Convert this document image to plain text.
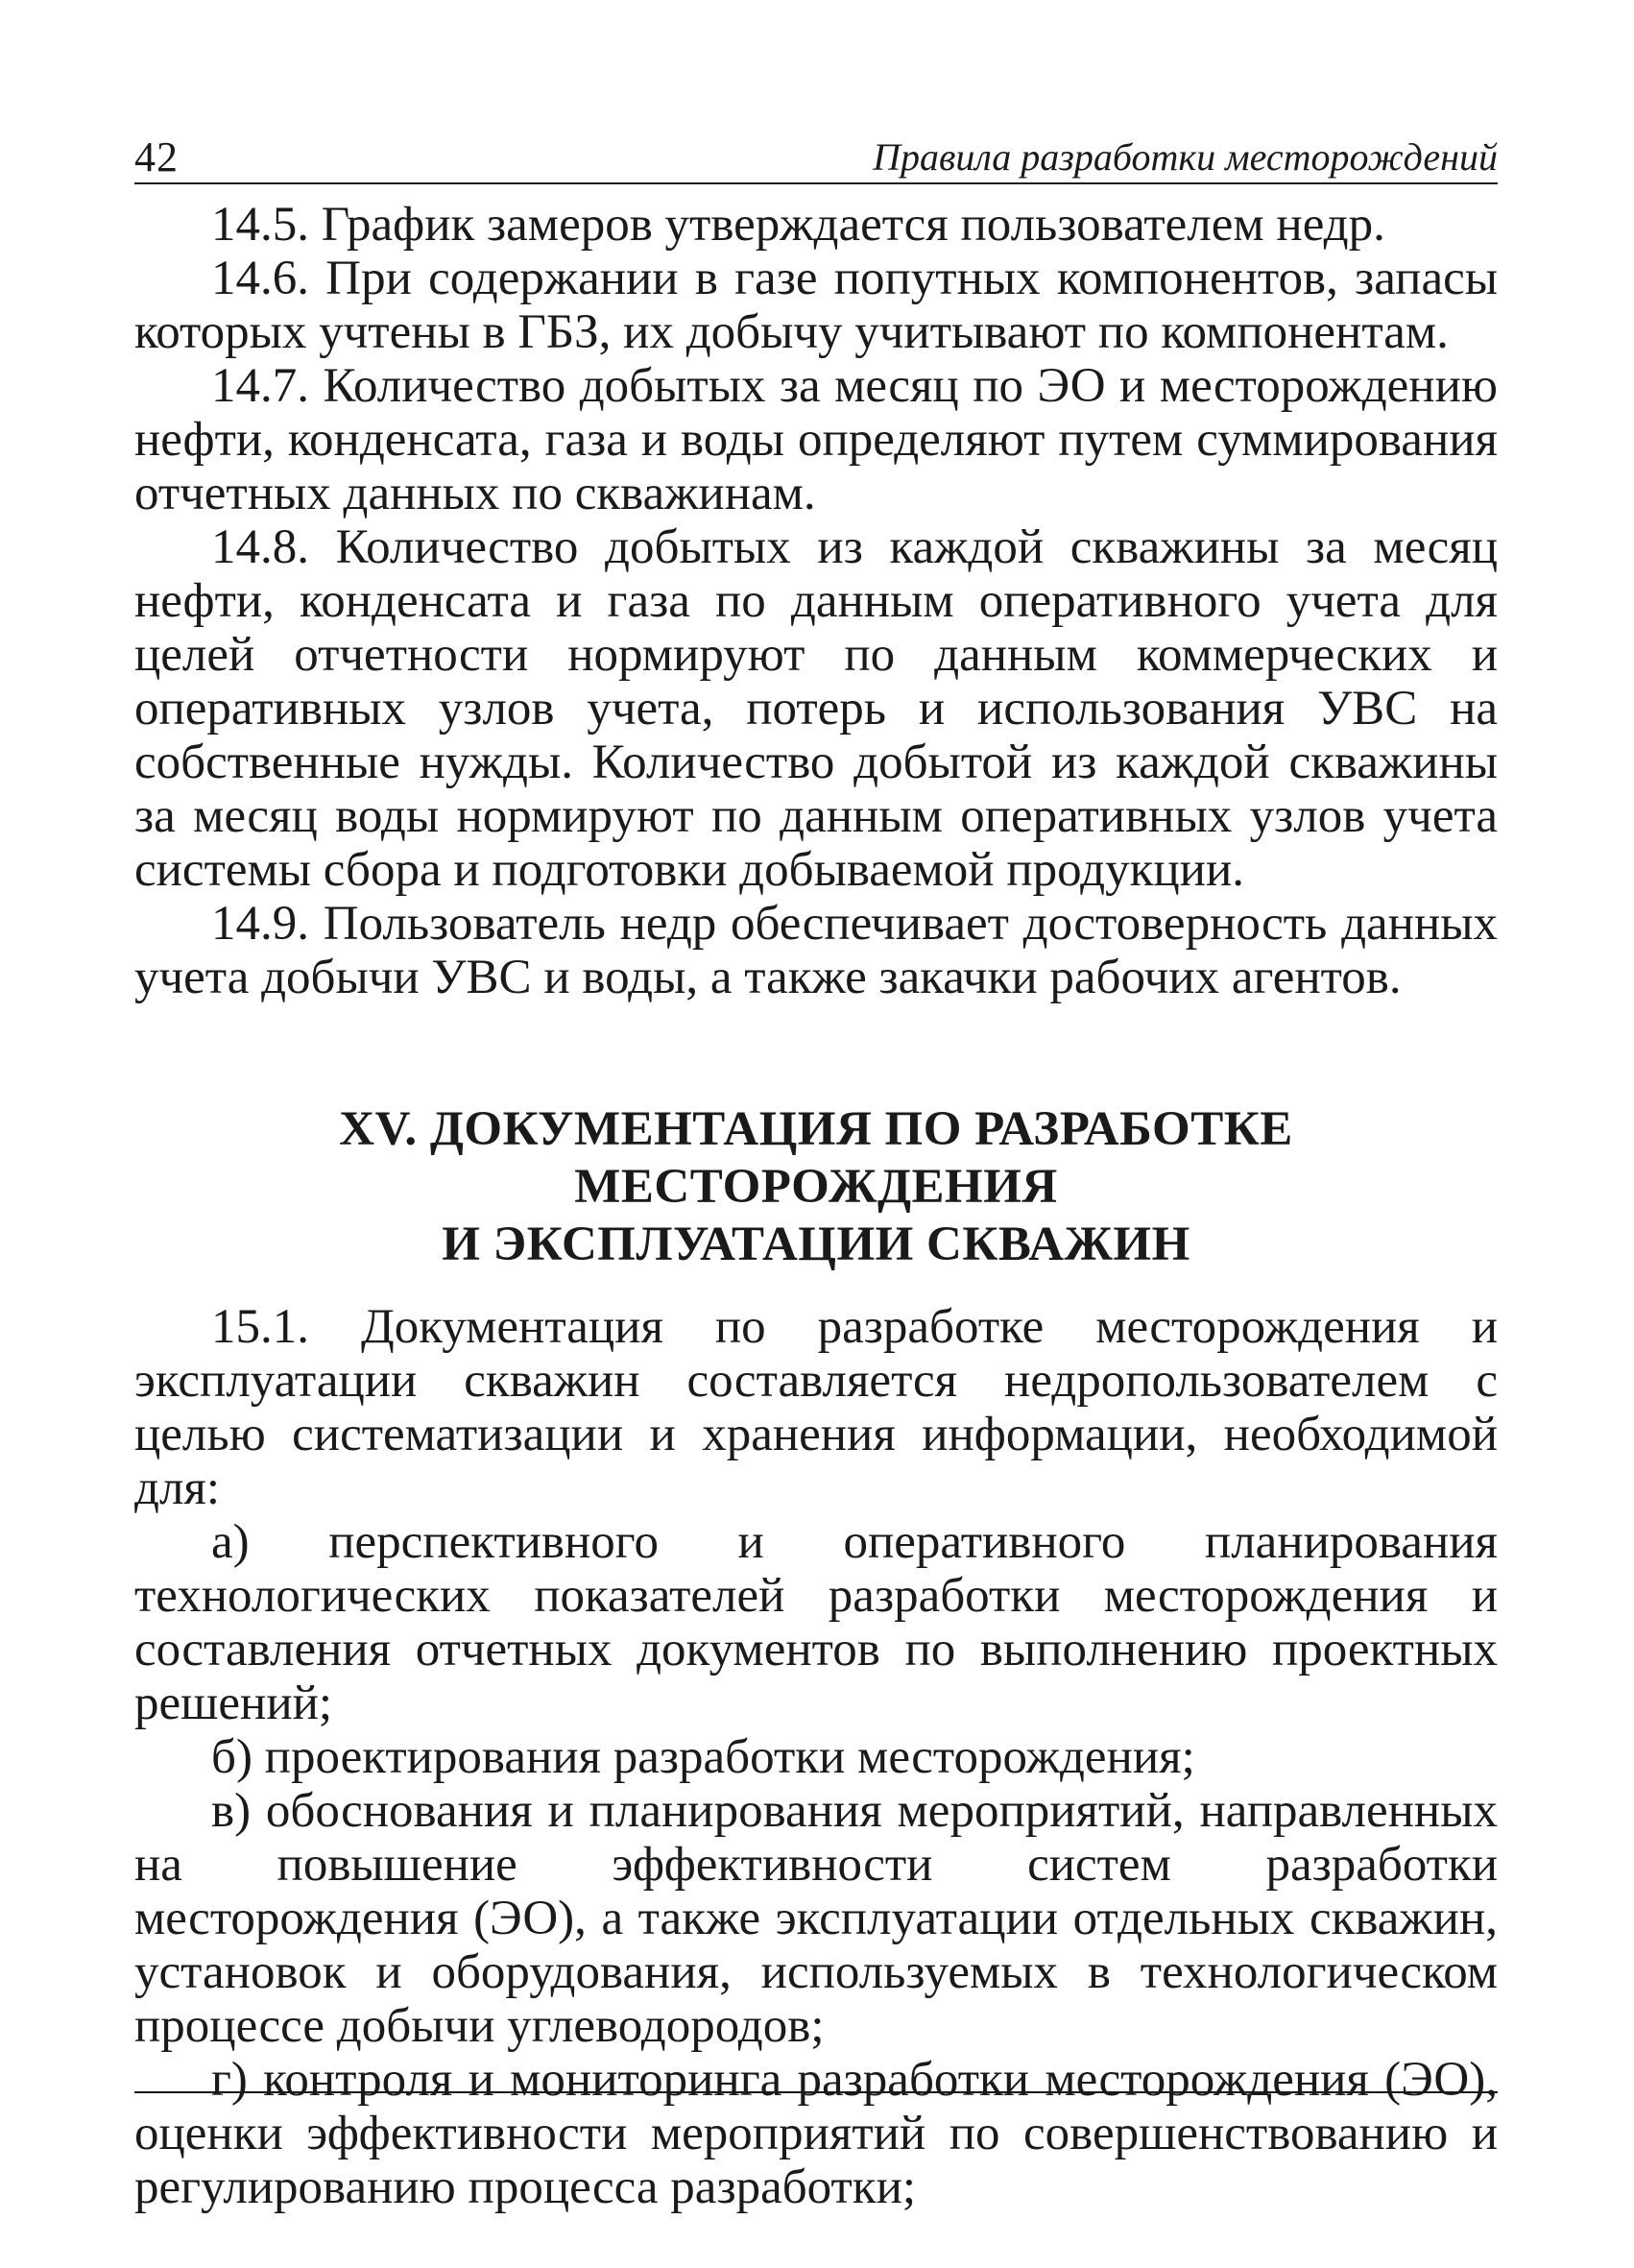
42	Правила разработки месторождений

14.5. График замеров утверждается пользователем недр.

14.6. При содержании в газе попутных компонентов, запасы которых учтены в ГБЗ, их добычу учитывают по компонентам.

14.7. Количество добытых за месяц по ЭО и месторождению нефти, конденсата, газа и воды определяют путем суммирования отчетных данных по скважинам.

14.8. Количество добытых из каждой скважины за месяц нефти, конденсата и газа по данным оперативного учета для целей отчетности нормируют по данным коммерческих и оперативных узлов учета, потерь и использования УВС на собственные нужды. Количество добытой из каждой скважины за месяц воды нормируют по данным оперативных узлов учета системы сбора и подготовки добываемой продукции.

14.9. Пользователь недр обеспечивает достоверность данных учета добычи УВС и воды, а также закачки рабочих агентов.

XV. ДОКУМЕНТАЦИЯ ПО РАЗРАБОТКЕ МЕСТОРОЖДЕНИЯ
И ЭКСПЛУАТАЦИИ СКВАЖИН

15.1. Документация по разработке месторождения и эксплуатации скважин составляется недропользователем с целью систематизации и хранения информации, необходимой для:

а) перспективного и оперативного планирования технологических показателей разработки месторождения и составления отчетных документов по выполнению проектных решений;

б) проектирования разработки месторождения;

в) обоснования и планирования мероприятий, направленных на повышение эффективности систем разработки месторождения (ЭО), а также эксплуатации отдельных скважин, установок и оборудования, используемых в технологическом процессе добычи углеводородов;

г) контроля и мониторинга разработки месторождения (ЭО), оценки эффективности мероприятий по совершенствованию и регулированию процесса разработки;
